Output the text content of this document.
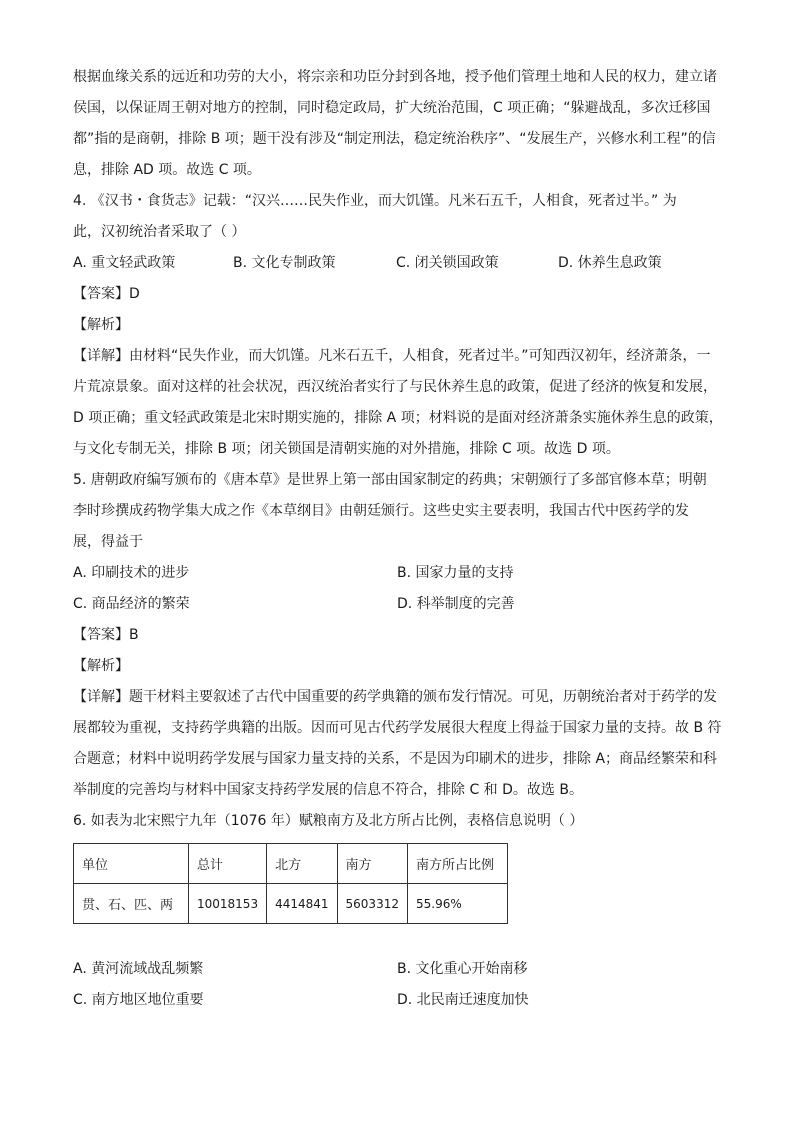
根据血缘关系的远近和功劳的大小，将宗亲和功臣分封到各地，授予他们管理土地和人民的权力，建立诸

侯国，以保证周王朝对地方的控制，同时稳定政局，扩大统治范围，C 项正确；“躲避战乱，多次迁移国

都”指的是商朝，排除 B 项；题干没有涉及“制定刑法，稳定统治秩序”、“发展生产，兴修水利工程”的信

息，排除 AD 项。故选 C 项。

4. 《汉书・食货志》记载：“汉兴……民失作业，而大饥馑。凡米石五千，人相食，死者过半。” 为

此，汉初统治者采取了（ ）

A. 重文轻武政策	B. 文化专制政策	C. 闭关锁国政策	D. 休养生息政策

【答案】D

【解析】

【详解】由材料“民失作业，而大饥馑。凡米石五千，人相食，死者过半。”可知西汉初年，经济萧条，一

片荒凉景象。面对这样的社会状况，西汉统治者实行了与民休养生息的政策，促进了经济的恢复和发展，

D 项正确；重文轻武政策是北宋时期实施的，排除 A 项；材料说的是面对经济萧条实施休养生息的政策，

与文化专制无关，排除 B 项；闭关锁国是清朝实施的对外措施，排除 C 项。故选 D 项。

5. 唐朝政府编写颁布的《唐本草》是世界上第一部由国家制定的药典；宋朝颁行了多部官修本草；明朝

李时珍撰成药物学集大成之作《本草纲目》由朝廷颁行。这些史实主要表明，我国古代中医药学的发

展，得益于

A. 印刷技术的进步	B. 国家力量的支持
C. 商品经济的繁荣	D. 科举制度的完善

【答案】B

【解析】

【详解】题干材料主要叙述了古代中国重要的药学典籍的颁布发行情况。可见，历朝统治者对于药学的发

展都较为重视，支持药学典籍的出版。因而可见古代药学发展很大程度上得益于国家力量的支持。故 B 符

合题意；材料中说明药学发展与国家力量支持的关系，不是因为印刷术的进步，排除 A；商品经繁荣和科

举制度的完善均与材料中国家支持药学发展的信息不符合，排除 C 和 D。故选 B。

6. 如表为北宋熙宁九年（1076 年）赋粮南方及北方所占比例，表格信息说明（ ）

单位	总计	北方	南方	南方所占比例
贯、石、匹、两	10018153	4414841	5603312	55.96%
A. 黄河流域战乱频繁	B. 文化重心开始南移
C. 南方地区地位重要	D. 北民南迁速度加快
